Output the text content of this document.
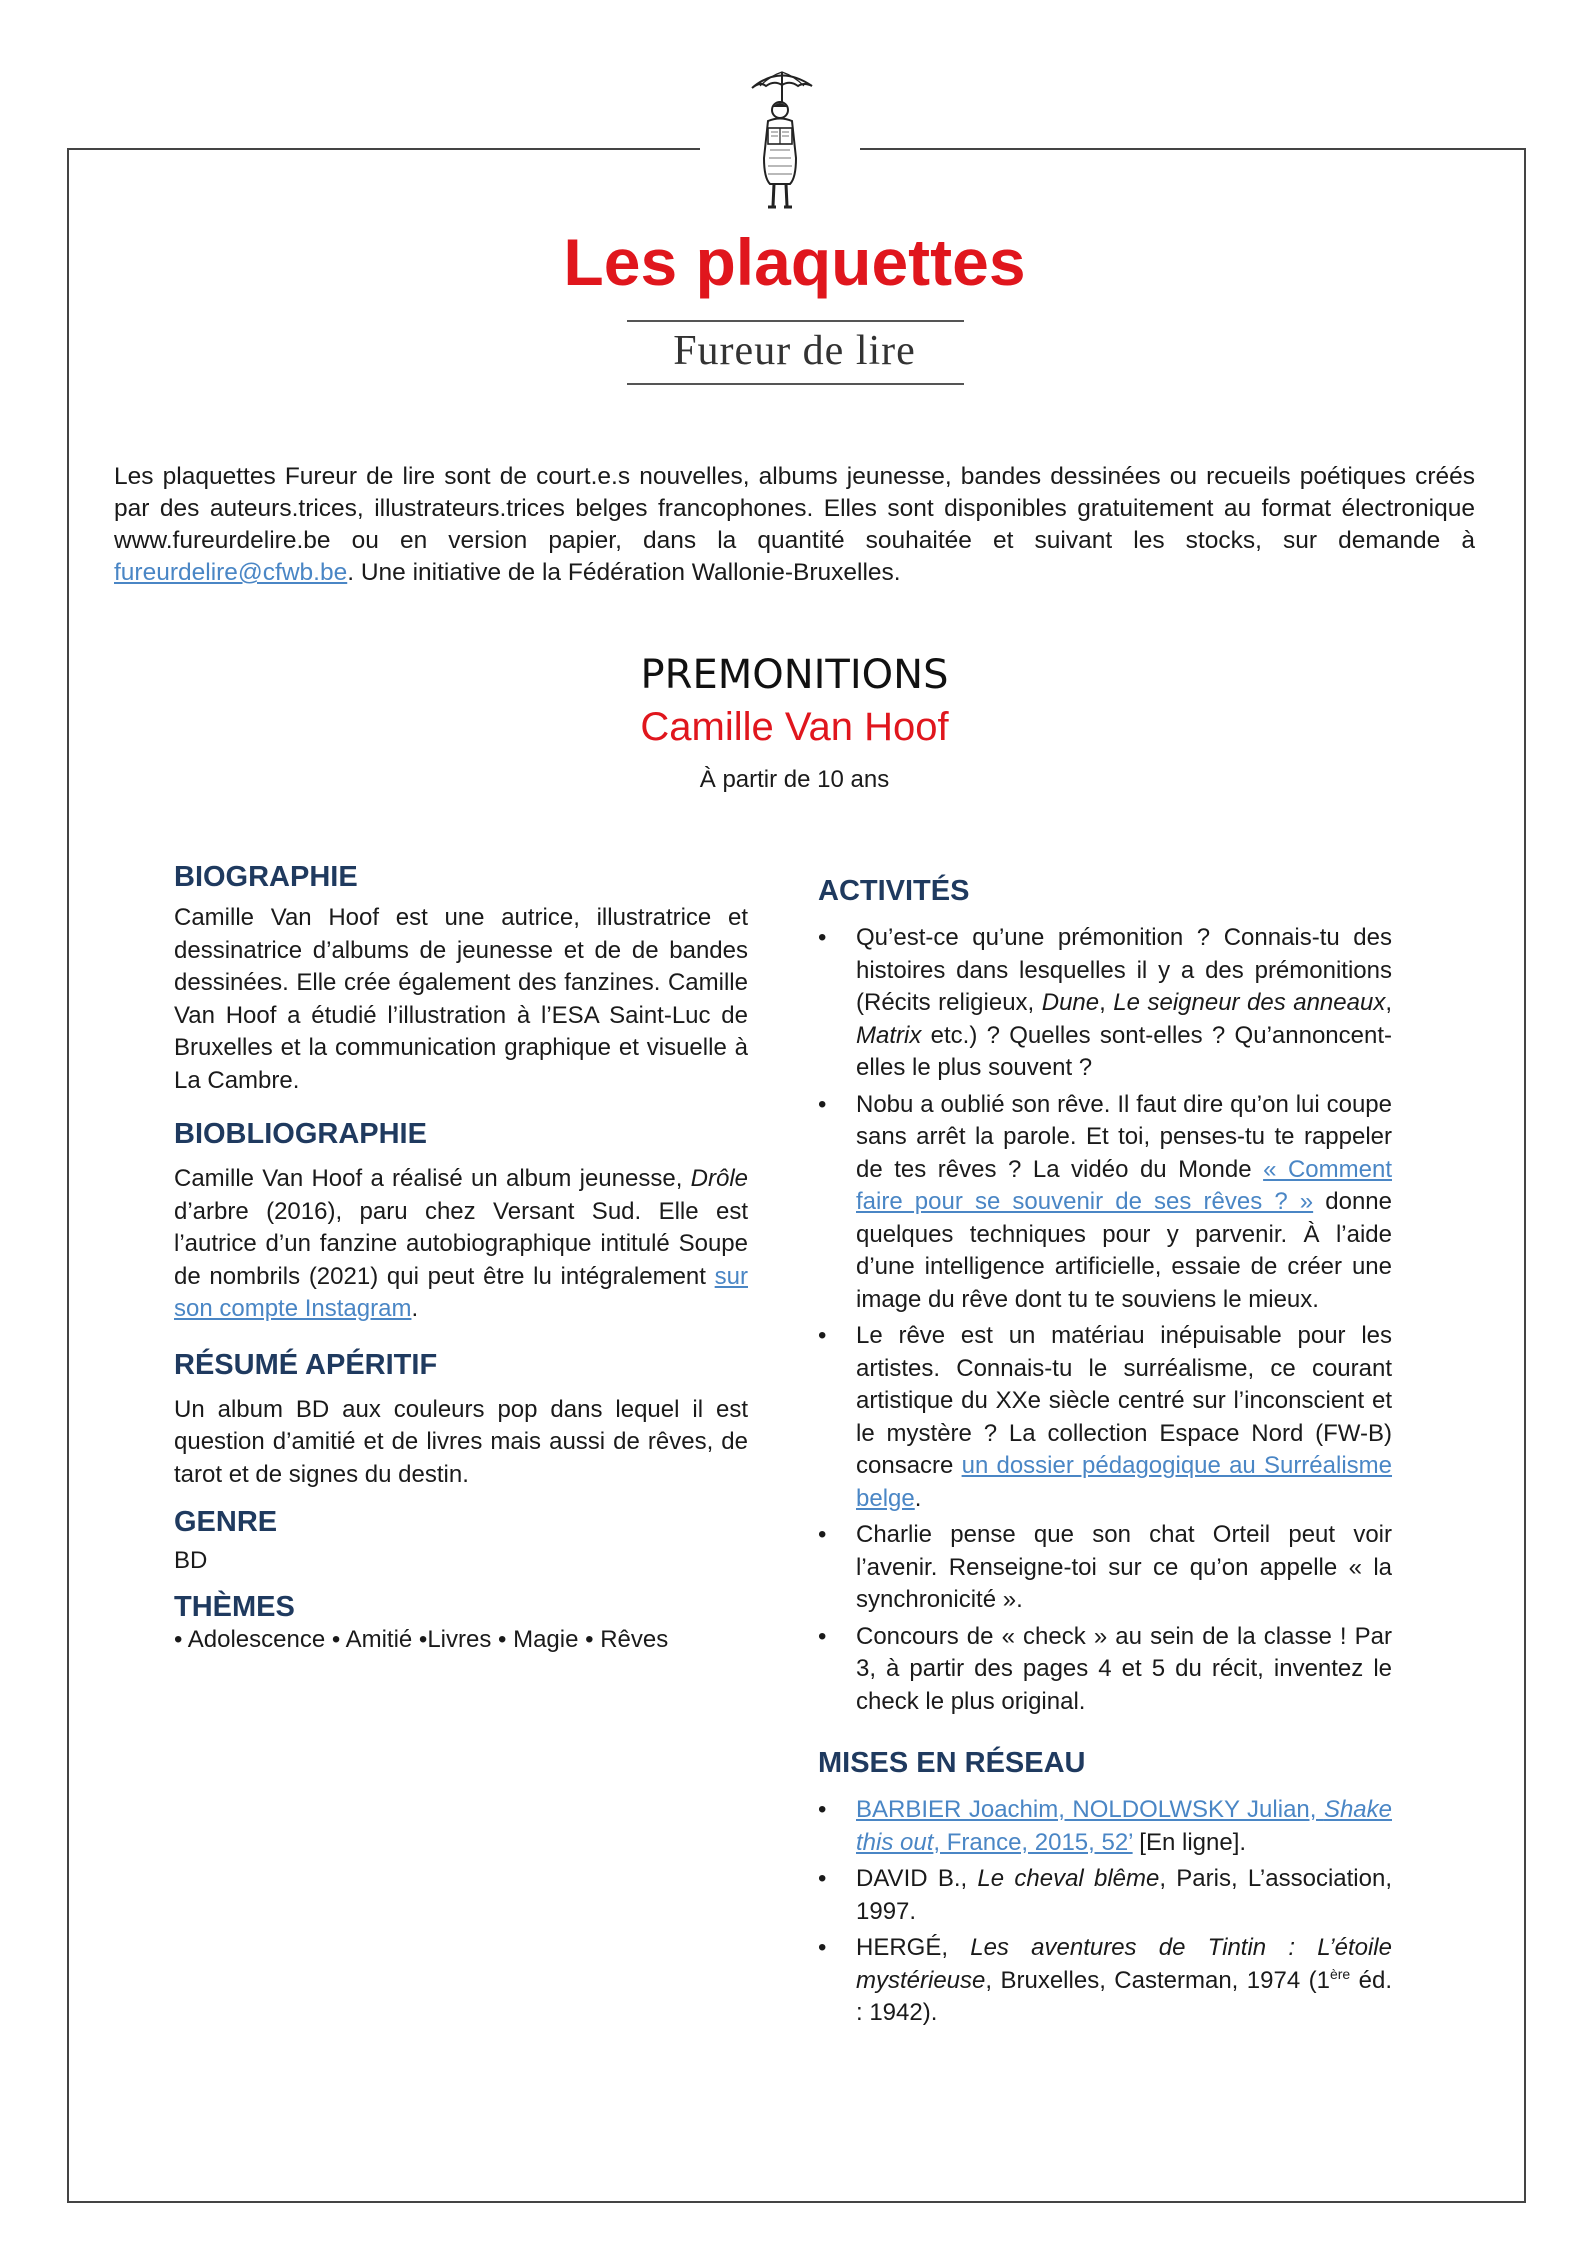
Les plaquettes
Fureur de lire
Les plaquettes Fureur de lire sont de court.e.s nouvelles, albums jeunesse, bandes dessinées ou recueils poétiques créés par des auteurs.trices, illustrateurs.trices belges francophones. Elles sont disponibles gratuitement au format électronique www.fureurdelire.be ou en version papier, dans la quantité souhaitée et suivant les stocks, sur demande à fureurdelire@cfwb.be. Une initiative de la Fédération Wallonie-Bruxelles.
PREMONITIONS
Camille Van Hoof
À partir de 10 ans
BIOGRAPHIE

Camille Van Hoof est une autrice, illustratrice et dessinatrice d’albums de jeunesse et de de bandes dessinées. Elle crée également des fanzines. Camille Van Hoof a étudié l’illustration à l’ESA Saint-Luc de Bruxelles et la communication graphique et visuelle à La Cambre.

BIOBLIOGRAPHIE

Camille Van Hoof a réalisé un album jeunesse, Drôle d’arbre (2016), paru chez Versant Sud. Elle est l’autrice d’un fanzine autobiographique intitulé Soupe de nombrils (2021) qui peut être lu intégralement sur son compte Instagram.

RÉSUMÉ APÉRITIF

Un album BD aux couleurs pop dans lequel il est question d’amitié et de livres mais aussi de rêves, de tarot et de signes du destin.

GENRE

BD

THÈMES

• Adolescence • Amitié •Livres • Magie • Rêves

ACTIVITÉS
• Qu’est-ce qu’une prémonition ? Connais-tu des histoires dans lesquelles il y a des prémonitions (Récits religieux, Dune, Le seigneur des anneaux, Matrix etc.) ? Quelles sont-elles ? Qu’annoncent-elles le plus souvent ?
• Nobu a oublié son rêve. Il faut dire qu’on lui coupe sans arrêt la parole. Et toi, penses-tu te rappeler de tes rêves ? La vidéo du Monde « Comment faire pour se souvenir de ses rêves ? » donne quelques techniques pour y parvenir. À l’aide d’une intelligence artificielle, essaie de créer une image du rêve dont tu te souviens le mieux.
• Le rêve est un matériau inépuisable pour les artistes. Connais-tu le surréalisme, ce courant artistique du XXe siècle centré sur l’inconscient et le mystère ? La collection Espace Nord (FW-B) consacre un dossier pédagogique au Surréalisme belge.
• Charlie pense que son chat Orteil peut voir l’avenir. Renseigne-toi sur ce qu’on appelle « la synchronicité ».
• Concours de « check » au sein de la classe ! Par 3, à partir des pages 4 et 5 du récit, inventez le check le plus original.
MISES EN RÉSEAU
• BARBIER Joachim, NOLDOLWSKY Julian, Shake this out, France, 2015, 52’ [En ligne].
• DAVID B., Le cheval blême, Paris, L’association, 1997.
• HERGÉ, Les aventures de Tintin : L’étoile mystérieuse, Bruxelles, Casterman, 1974 (1ère éd. : 1942).
